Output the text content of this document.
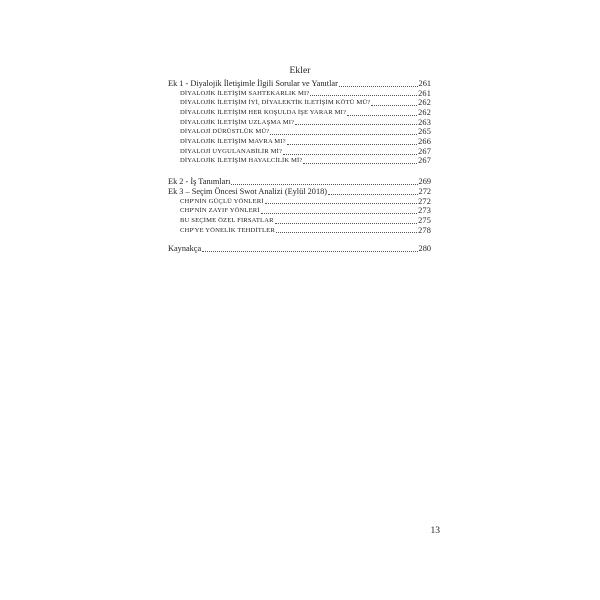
Ekler
Ek 1 - Diyalojik İletişimle İlgili Sorular ve Yanıtlar	261
DİYALOJİK İLETİŞİM SAHTEKARLIK MI?	261
DİYALOJİK İLETİŞİM İYİ, DİYALEKTİK İLETİŞİM KÖTÜ MÜ?	262
DİYALOJİK İLETİŞİM HER KOŞULDA İŞE YARAR MI?	262
DİYALOJİK İLETİŞİM UZLAŞMA MI?	263
DİYALOJİ DÜRÜSTLÜK MÜ?	265
DİYALOJİK İLETİŞİM MAVRA MI?	266
DİYALOJİ UYGULANABİLİR Mİ?	267
DİYALOJİK İLETİŞİM HAYALCİLİK Mİ?	267
Ek 2 - İş Tanımları	269
Ek 3 – Seçim Öncesi Swot Analizi (Eylül 2018)	272
CHP'NİN GÜÇLÜ YÖNLERİ	272
CHP'NİN ZAYIF YÖNLERİ	273
BU SEÇİME ÖZEL FIRSATLAR	275
CHP'YE YÖNELİK TEHDİTLER	278
Kaynakça	280
13
